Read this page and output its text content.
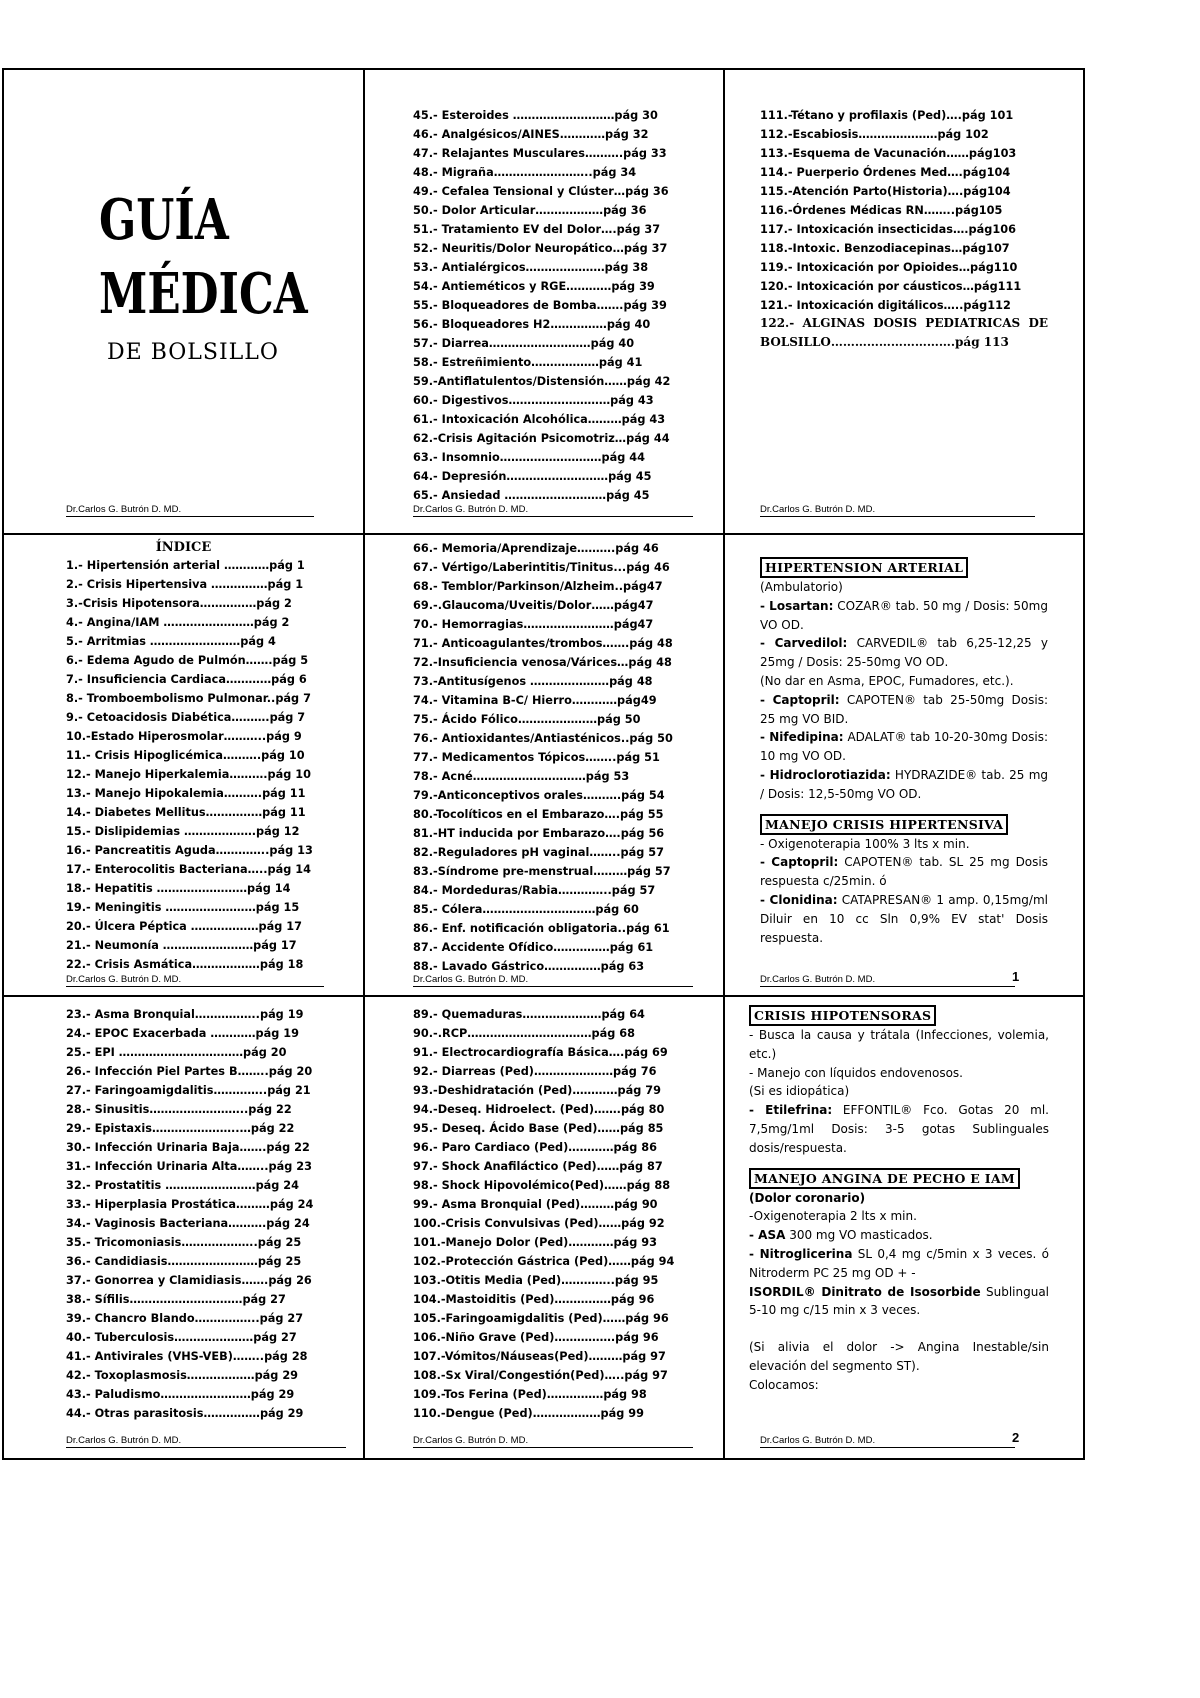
GUÍA
MÉDICA
DE BOLSILLO
Dr.Carlos G. Butrón D. MD.
45.- Esteroides ………………………pág 30
46.- Analgésicos/AINES…………pág 32
47.- Relajantes Musculares……….pág 33
48.- Migraña……………………..pág 34
49.- Cefalea Tensional y Clúster…pág 36
50.- Dolor Articular………………pág 36
51.- Tratamiento EV del Dolor….pág 37
52.- Neuritis/Dolor Neuropático…pág 37
53.- Antialérgicos…………………pág 38
54.- Antieméticos y RGE…………pág 39
55.- Bloqueadores de Bomba…….pág 39
56.- Bloqueadores H2……………pág 40
57.- Diarrea………………………pág 40
58.- Estreñimiento………………pág 41
59.-Antiflatulentos/Distensión……pág 42
60.- Digestivos………………………pág 43
61.- Intoxicación Alcohólica………pág 43
62.-Crisis Agitación Psicomotriz…pág 44
63.- Insomnio………………………pág 44
64.- Depresión………………………pág 45
65.- Ansiedad ………………………pág 45
Dr.Carlos G. Butrón D. MD.
111.-Tétano y profilaxis (Ped)….pág 101
112.-Escabiosis…………………pág 102
113.-Esquema de Vacunación……pág103
114.- Puerperio Órdenes Med….pág104
115.-Atención Parto(Historia)….pág104
116.-Órdenes Médicas RN……..pág105
117.- Intoxicación insecticidas….pág106
118.-Intoxic. Benzodiacepinas…pág107
119.- Intoxicación por Opioides…pág110
120.- Intoxicación por cáusticos…pág111
121.- Intoxicación digitálicos…..pág112
122.- ALGINAS DOSIS PEDIATRICAS DE BOLSILLO………………………….pág 113
Dr.Carlos G. Butrón D. MD.
ÍNDICE
1.- Hipertensión arterial …………pág 1
2.- Crisis Hipertensiva ……………pág 1
3.-Crisis Hipotensora……………pág 2
4.- Angina/IAM ……………………pág 2
5.- Arritmias ……………………pág 4
6.- Edema Agudo de Pulmón…….pág 5
7.- Insuficiencia Cardiaca…………pág 6
8.- Tromboembolismo Pulmonar..pág 7
9.- Cetoacidosis Diabética……….pág 7
10.-Estado Hiperosmolar………..pág 9
11.- Crisis Hipoglicémica……….pág 10
12.- Manejo Hiperkalemia……….pág 10
13.- Manejo Hipokalemia……….pág 11
14.- Diabetes Mellitus……………pág 11
15.- Dislipidemias ……………….pág 12
16.- Pancreatitis Aguda…………..pág 13
17.- Enterocolitis Bacteriana…..pág 14
18.- Hepatitis ……………………pág 14
19.- Meningitis ……………………pág 15
20.- Úlcera Péptica ………………pág 17
21.- Neumonía ……………………pág 17
22.- Crisis Asmática………………pág 18
Dr.Carlos G. Butrón D. MD.
66.- Memoria/Aprendizaje……….pág 46
67.- Vértigo/Laberintitis/Tinitus...pág 46
68.- Temblor/Parkinson/Alzheim..pág47
69.-.Glaucoma/Uveitis/Dolor……pág47
70.- Hemorragias……………………pág47
71.- Anticoagulantes/trombos…….pág 48
72.-Insuficiencia venosa/Várices…pág 48
73.-Antitusígenos …………………pág 48
74.- Vitamina B-C/ Hierro…………pág49
75.- Ácido Fólico…………………pág 50
76.- Antioxidantes/Antiasténicos..pág 50
77.- Medicamentos Tópicos……..pág 51
78.- Acné…………………………pág 53
79.-Anticonceptivos orales……….pág 54
80.-Tocolíticos en el Embarazo….pág 55
81.-HT inducida por Embarazo….pág 56
82.-Reguladores pH vaginal……..pág 57
83.-Síndrome pre-menstrual………pág 57
84.- Mordeduras/Rabia…………..pág 57
85.- Cólera…………………………pág 60
86.- Enf. notificación obligatoria..pág 61
87.- Accidente Ofídico……………pág 61
88.- Lavado Gástrico……………pág 63
Dr.Carlos G. Butrón D. MD.
HIPERTENSION ARTERIAL

(Ambulatorio)

- Losartan: COZAR® tab. 50 mg / Dosis: 50mg VO OD.

- Carvedilol: CARVEDIL® tab 6,25-12,25 y 25mg / Dosis: 25-50mg VO OD.

(No dar en Asma, EPOC, Fumadores, etc.).

- Captopril: CAPOTEN® tab 25-50mg Dosis: 25 mg VO BID.

- Nifedipina: ADALAT® tab 10-20-30mg Dosis: 10 mg VO OD.

- Hidroclorotiazida: HYDRAZIDE® tab. 25 mg / Dosis: 12,5-50mg VO OD.

MANEJO CRISIS HIPERTENSIVA

- Oxigenoterapia 100% 3 lts x min.

- Captopril: CAPOTEN® tab. SL 25 mg Dosis respuesta c/25min. ó

- Clonidina: CATAPRESAN® 1 amp. 0,15mg/ml Diluir en 10 cc Sln 0,9% EV stat' Dosis respuesta.

Dr.Carlos G. Butrón D. MD.	1
23.- Asma Bronquial……………..pág 19
24.- EPOC Exacerbada …………pág 19
25.- EPI ……………………………pág 20
26.- Infección Piel Partes B……..pág 20
27.- Faringoamigdalitis…………..pág 21
28.- Sinusitis……………………..pág 22
29.- Epistaxis…………………..…pág 22
30.- Infección Urinaria Baja…….pág 22
31.- Infección Urinaria Alta……..pág 23
32.- Prostatitis ……………………pág 24
33.- Hiperplasia Prostática………pág 24
34.- Vaginosis Bacteriana……….pág 24
35.- Tricomoniasis………………..pág 25
36.- Candidiasis……………………pág 25
37.- Gonorrea y Clamidiasis…….pág 26
38.- Sífilis…………………………pág 27
39.- Chancro Blando……………..pág 27
40.- Tuberculosis…………………pág 27
41.- Antivirales (VHS-VEB)……..pág 28
42.- Toxoplasmosis………………pág 29
43.- Paludismo……………………pág 29
44.- Otras parasitosis……………pág 29
Dr.Carlos G. Butrón D. MD.
89.- Quemaduras…………………pág 64
90.-.RCP……………………………pág 68
91.- Electrocardiografía Básica….pág 69
92.- Diarreas (Ped)…………………pág 76
93.-Deshidratación (Ped)…………pág 79
94.-Deseq. Hidroelect. (Ped)…….pág 80
95.- Deseq. Ácido Base (Ped)……pág 85
96.- Paro Cardiaco (Ped)…………pág 86
97.- Shock Anafiláctico (Ped)……pág 87
98.- Shock Hipovolémico(Ped)……pág 88
99.- Asma Bronquial (Ped)………pág 90
100.-Crisis Convulsivas (Ped)……pág 92
101.-Manejo Dolor (Ped)…………pág 93
102.-Protección Gástrica (Ped)……pág 94
103.-Otitis Media (Ped)…………..pág 95
104.-Mastoiditis (Ped)……………pág 96
105.-Faringoamigdalitis (Ped)……pág 96
106.-Niño Grave (Ped)…………….pág 96
107.-Vómitos/Náuseas(Ped)………pág 97
108.-Sx Viral/Congestión(Ped)…..pág 97
109.-Tos Ferina (Ped)……………pág 98
110.-Dengue (Ped)………………pág 99
Dr.Carlos G. Butrón D. MD.
CRISIS HIPOTENSORAS

- Busca la causa y trátala (Infecciones, volemia, etc.)

- Manejo con líquidos endovenosos.

(Si es idiopática)

- Etilefrina: EFFONTIL® Fco. Gotas 20 ml. 7,5mg/1ml Dosis: 3-5 gotas Sublinguales dosis/respuesta.

MANEJO ANGINA DE PECHO E IAM
(Dolor coronario)

-Oxigenoterapia 2 lts x min.

- ASA 300 mg VO masticados.

- Nitroglicerina SL 0,4 mg c/5min x 3 veces. ó Nitroderm PC 25 mg OD + -

ISORDIL® Dinitrato de Isosorbide Sublingual 5-10 mg c/15 min x 3 veces.

(Si alivia el dolor -> Angina Inestable/sin elevación del segmento ST).

Colocamos:

Dr.Carlos G. Butrón D. MD.	2
